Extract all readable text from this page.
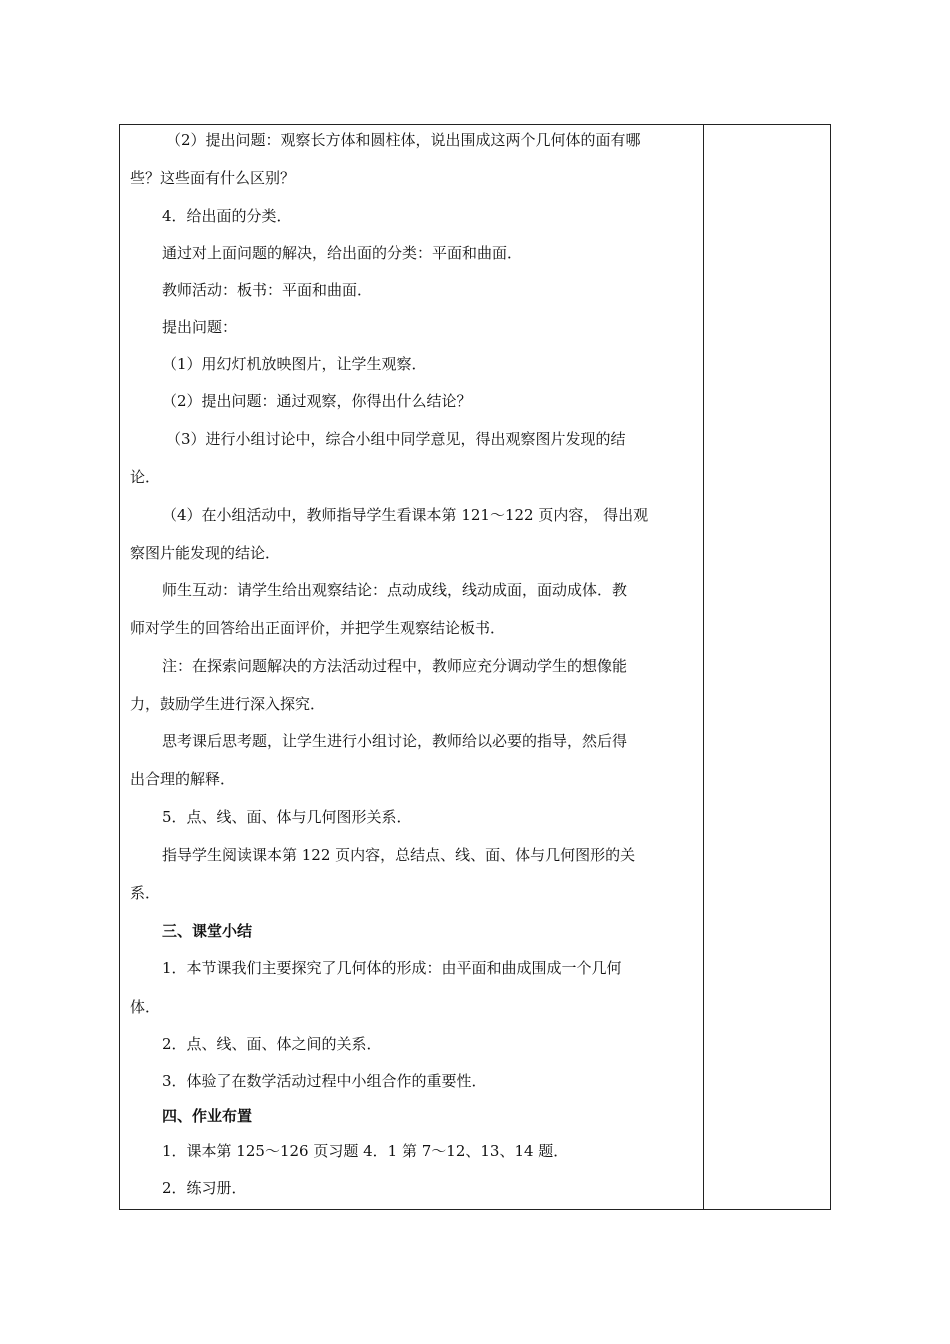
（2）提出问题：观察长方体和圆柱体，说出围成这两个几何体的面有哪
些？这些面有什么区别？
4．给出面的分类．
通过对上面问题的解决，给出面的分类：平面和曲面．
教师活动：板书：平面和曲面．
提出问题：
（1）用幻灯机放映图片，让学生观察．
（2）提出问题：通过观察，你得出什么结论？
（3）进行小组讨论中，综合小组中同学意见，得出观察图片发现的结
论．
（4）在小组活动中，教师指导学生看课本第 121～122 页内容， 得出观
察图片能发现的结论．
师生互动：请学生给出观察结论：点动成线，线动成面，面动成体．教
师对学生的回答给出正面评价，并把学生观察结论板书．
注：在探索问题解决的方法活动过程中，教师应充分调动学生的想像能
力，鼓励学生进行深入探究．
思考课后思考题，让学生进行小组讨论，教师给以必要的指导，然后得
出合理的解释．
5．点、线、面、体与几何图形关系．
指导学生阅读课本第 122 页内容，总结点、线、面、体与几何图形的关
系．
三、课堂小结
1．本节课我们主要探究了几何体的形成：由平面和曲成围成一个几何
体．
2．点、线、面、体之间的关系．
3．体验了在数学活动过程中小组合作的重要性．
四、作业布置
1．课本第 125～126 页习题 4．1 第 7～12、13、14 题．
2．练习册．
